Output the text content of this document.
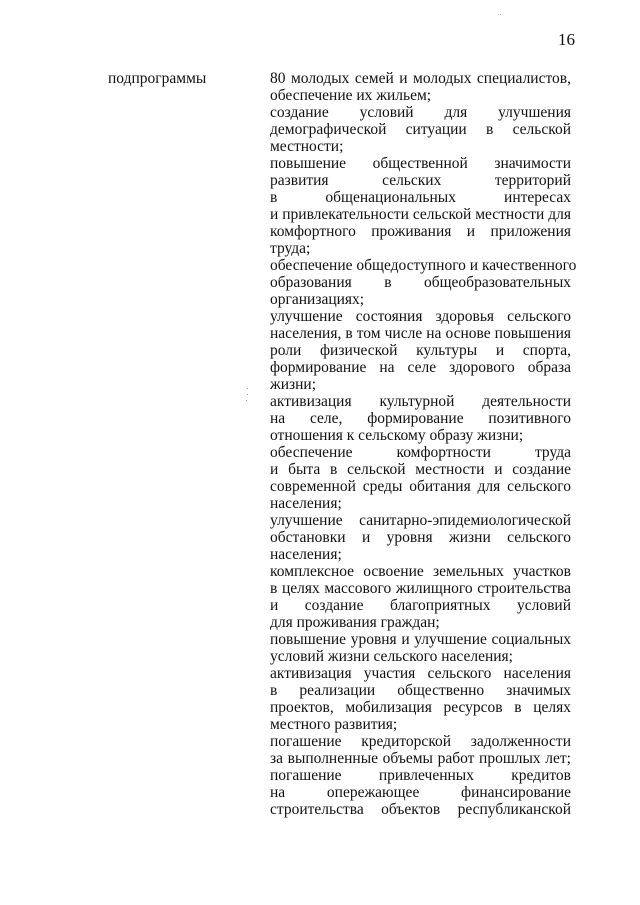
16
подпрограммы	80 молодых семей и молодых специалистов,
обеспечение их жильем;
создание условий для улучшения
демографической ситуации в сельской
местности;
повышение общественной значимости
развития сельских территорий
в общенациональных интересах
и привлекательности сельской местности для
комфортного проживания и приложения
труда;
обеспечение общедоступного и качественного
образования в общеобразовательных
организациях;
улучшение состояния здоровья сельского
населения, в том числе на основе повышения
роли физической культуры и спорта,
формирование на селе здорового образа
жизни;
активизация культурной деятельности
на селе, формирование позитивного
отношения к сельскому образу жизни;
обеспечение комфортности труда
и быта в сельской местности и создание
современной среды обитания для сельского
населения;
улучшение санитарно-эпидемиологической
обстановки и уровня жизни сельского
населения;
комплексное освоение земельных участков
в целях массового жилищного строительства
и создание благоприятных условий
для проживания граждан;
повышение уровня и улучшение социальных
условий жизни сельского населения;
активизация участия сельского населения
в реализации общественно значимых
проектов, мобилизация ресурсов в целях
местного развития;
погашение кредиторской задолженности
за выполненные объемы работ прошлых лет;
погашение привлеченных кредитов
на опережающее финансирование
строительства объектов республиканской
